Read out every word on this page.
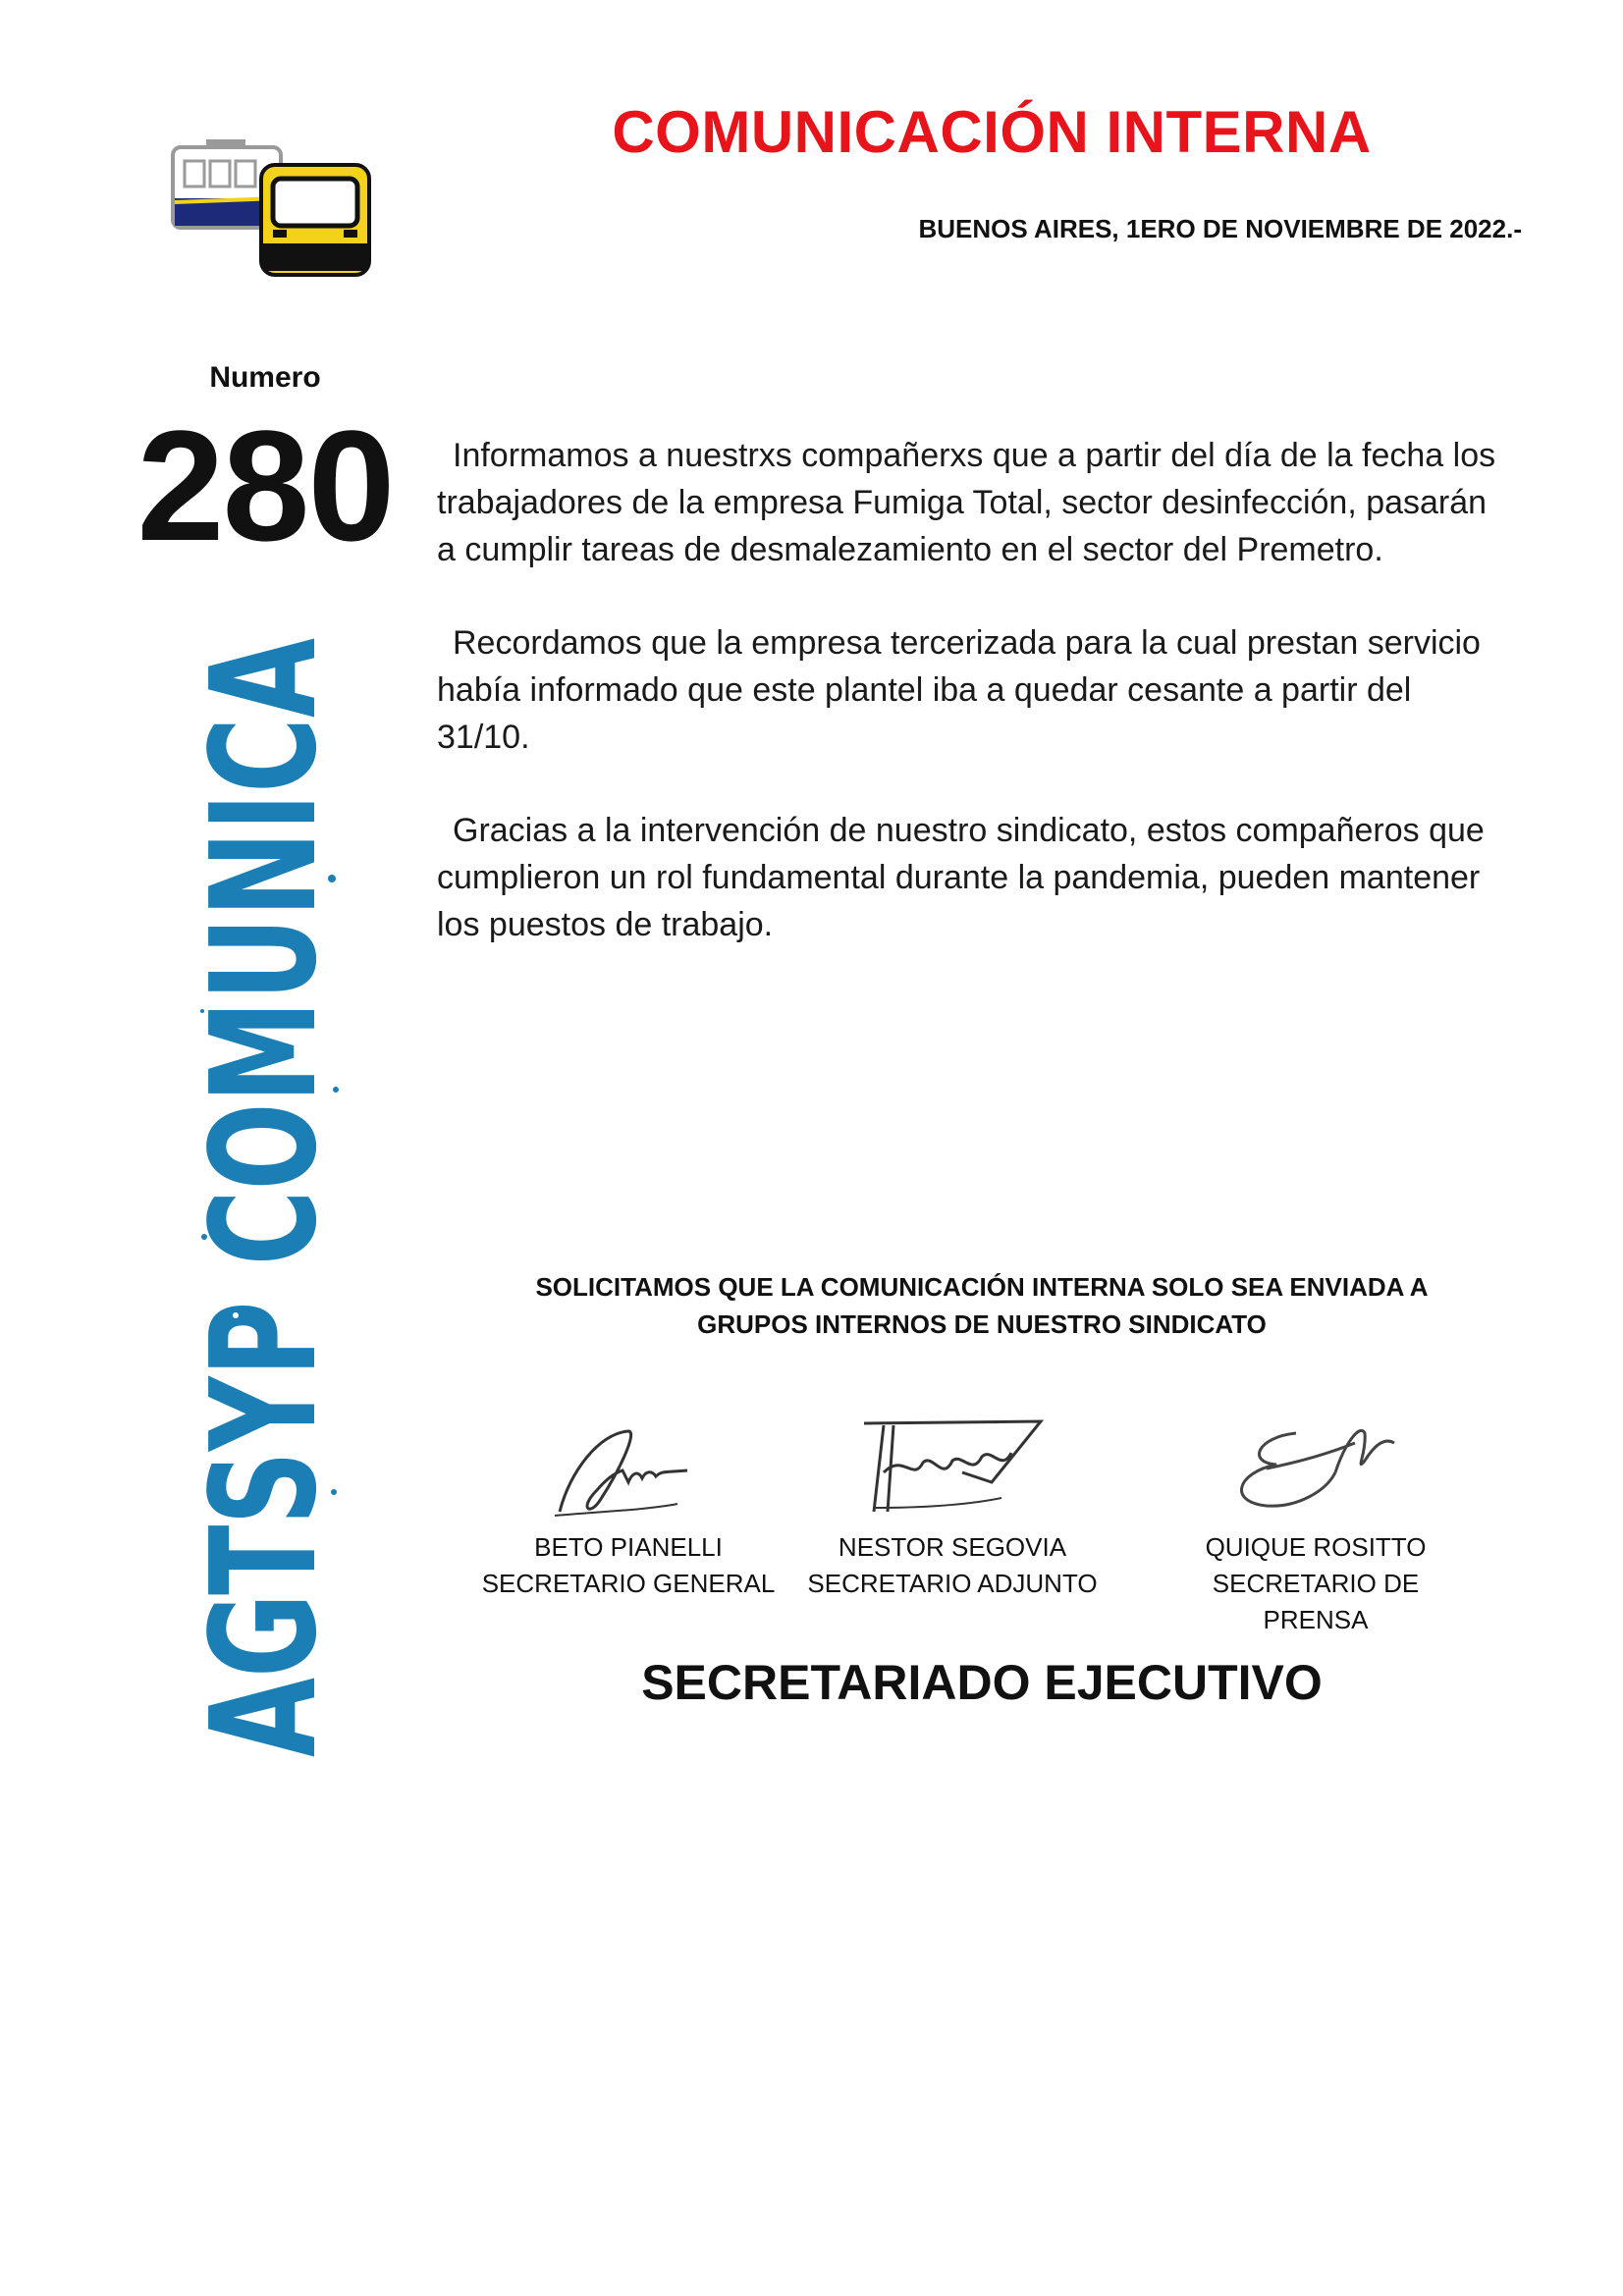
COMUNICACIÓN INTERNA
BUENOS AIRES, 1ERO DE NOVIEMBRE DE 2022.-
Numero
280
AGTSYP

Informamos a nuestrxs compañerxs que a partir del día de la fecha los trabajadores de la empresa Fumiga Total, sector desinfección, pasarán a cumplir tareas de desmalezamiento en el sector del Premetro.

Recordamos que la empresa tercerizada para la cual prestan servicio había informado que este plantel iba a quedar cesante a partir del 31/10.

Gracias a la intervención de nuestro sindicato, estos compañeros que cumplieron un rol fundamental durante la pandemia, pueden mantener los puestos de trabajo.

SOLICITAMOS QUE LA COMUNICACIÓN INTERNA SOLO SEA ENVIADA A
GRUPOS INTERNOS DE NUESTRO SINDICATO
BETO PIANELLI
SECRETARIO GENERAL
NESTOR SEGOVIA
SECRETARIO ADJUNTO
QUIQUE ROSITTO
SECRETARIO DE PRENSA
SECRETARIADO EJECUTIVO
